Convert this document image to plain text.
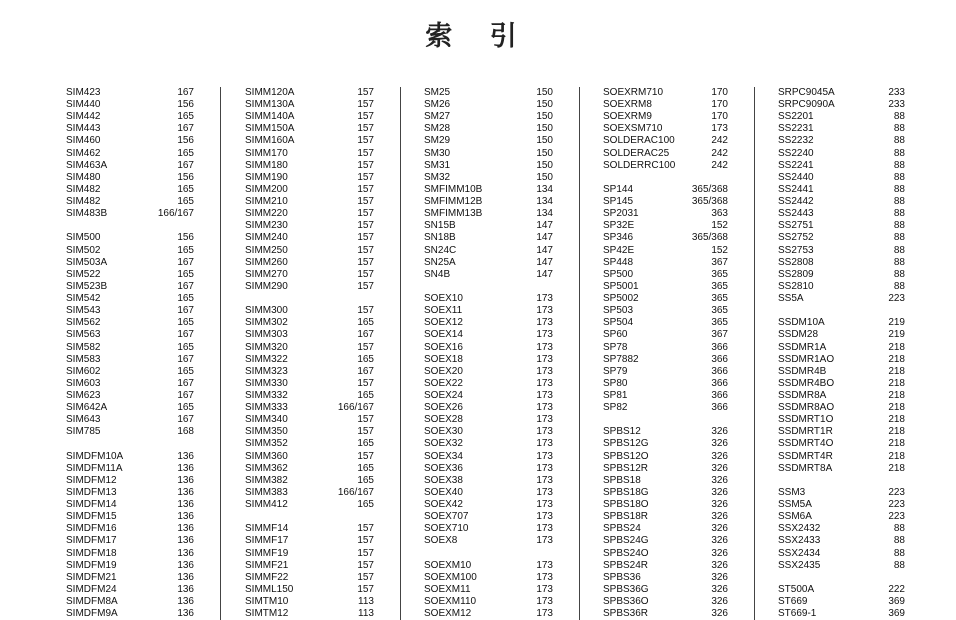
索 引
SIM423	167
SIM440	156
SIM442	165
SIM443	167
SIM460	156
SIM462	165
SIM463A	167
SIM480	156
SIM482	165
SIM482	165
SIM483B	166/167
SIM500	156
SIM502	165
SIM503A	167
SIM522	165
SIM523B	167
SIM542	165
SIM543	167
SIM562	165
SIM563	167
SIM582	165
SIM583	167
SIM602	165
SIM603	167
SIM623	167
SIM642A	165
SIM643	167
SIM785	168
SIMDFM10A	136
SIMDFM11A	136
SIMDFM12	136
SIMDFM13	136
SIMDFM14	136
SIMDFM15	136
SIMDFM16	136
SIMDFM17	136
SIMDFM18	136
SIMDFM19	136
SIMDFM21	136
SIMDFM24	136
SIMDFM8A	136
SIMDFM9A	136
SIMM120A	157
SIMM130A	157
SIMM140A	157
SIMM150A	157
SIMM160A	157
SIMM170	157
SIMM180	157
SIMM190	157
SIMM200	157
SIMM210	157
SIMM220	157
SIMM230	157
SIMM240	157
SIMM250	157
SIMM260	157
SIMM270	157
SIMM290	157
SIMM300	157
SIMM302	165
SIMM303	167
SIMM320	157
SIMM322	165
SIMM323	167
SIMM330	157
SIMM332	165
SIMM333	166/167
SIMM340	157
SIMM350	157
SIMM352	165
SIMM360	157
SIMM362	165
SIMM382	165
SIMM383	166/167
SIMM412	165
SIMMF14	157
SIMMF17	157
SIMMF19	157
SIMMF21	157
SIMMF22	157
SIMML150	157
SIMTM10	113
SIMTM12	113
SM25	150
SM26	150
SM27	150
SM28	150
SM29	150
SM30	150
SM31	150
SM32	150
SMFIMM10B	134
SMFIMM12B	134
SMFIMM13B	134
SN15B	147
SN18B	147
SN24C	147
SN25A	147
SN4B	147
SOEX10	173
SOEX11	173
SOEX12	173
SOEX14	173
SOEX16	173
SOEX18	173
SOEX20	173
SOEX22	173
SOEX24	173
SOEX26	173
SOEX28	173
SOEX30	173
SOEX32	173
SOEX34	173
SOEX36	173
SOEX38	173
SOEX40	173
SOEX42	173
SOEX707	173
SOEX710	173
SOEX8	173
SOEXM10	173
SOEXM100	173
SOEXM11	173
SOEXM110	173
SOEXM12	173
SOEXRM710	170
SOEXRM8	170
SOEXRM9	170
SOEXSM710	173
SOLDERAC100	242
SOLDERAC25	242
SOLDERRC100	242
SP144	365/368
SP145	365/368
SP2031	363
SP32E	152
SP346	365/368
SP42E	152
SP448	367
SP500	365
SP5001	365
SP5002	365
SP503	365
SP504	365
SP60	367
SP78	366
SP7882	366
SP79	366
SP80	366
SP81	366
SP82	366
SPBS12	326
SPBS12G	326
SPBS12O	326
SPBS12R	326
SPBS18	326
SPBS18G	326
SPBS18O	326
SPBS18R	326
SPBS24	326
SPBS24G	326
SPBS24O	326
SPBS24R	326
SPBS36	326
SPBS36G	326
SPBS36O	326
SPBS36R	326
SRPC9045A	233
SRPC9090A	233
SS2201	88
SS2231	88
SS2232	88
SS2240	88
SS2241	88
SS2440	88
SS2441	88
SS2442	88
SS2443	88
SS2751	88
SS2752	88
SS2753	88
SS2808	88
SS2809	88
SS2810	88
SS5A	223
SSDM10A	219
SSDM28	219
SSDMR1A	218
SSDMR1AO	218
SSDMR4B	218
SSDMR4BO	218
SSDMR8A	218
SSDMR8AO	218
SSDMRT1O	218
SSDMRT1R	218
SSDMRT4O	218
SSDMRT4R	218
SSDMRT8A	218
SSM3	223
SSM5A	223
SSM6A	223
SSX2432	88
SSX2433	88
SSX2434	88
SSX2435	88
ST500A	222
ST669	369
ST669-1	369
